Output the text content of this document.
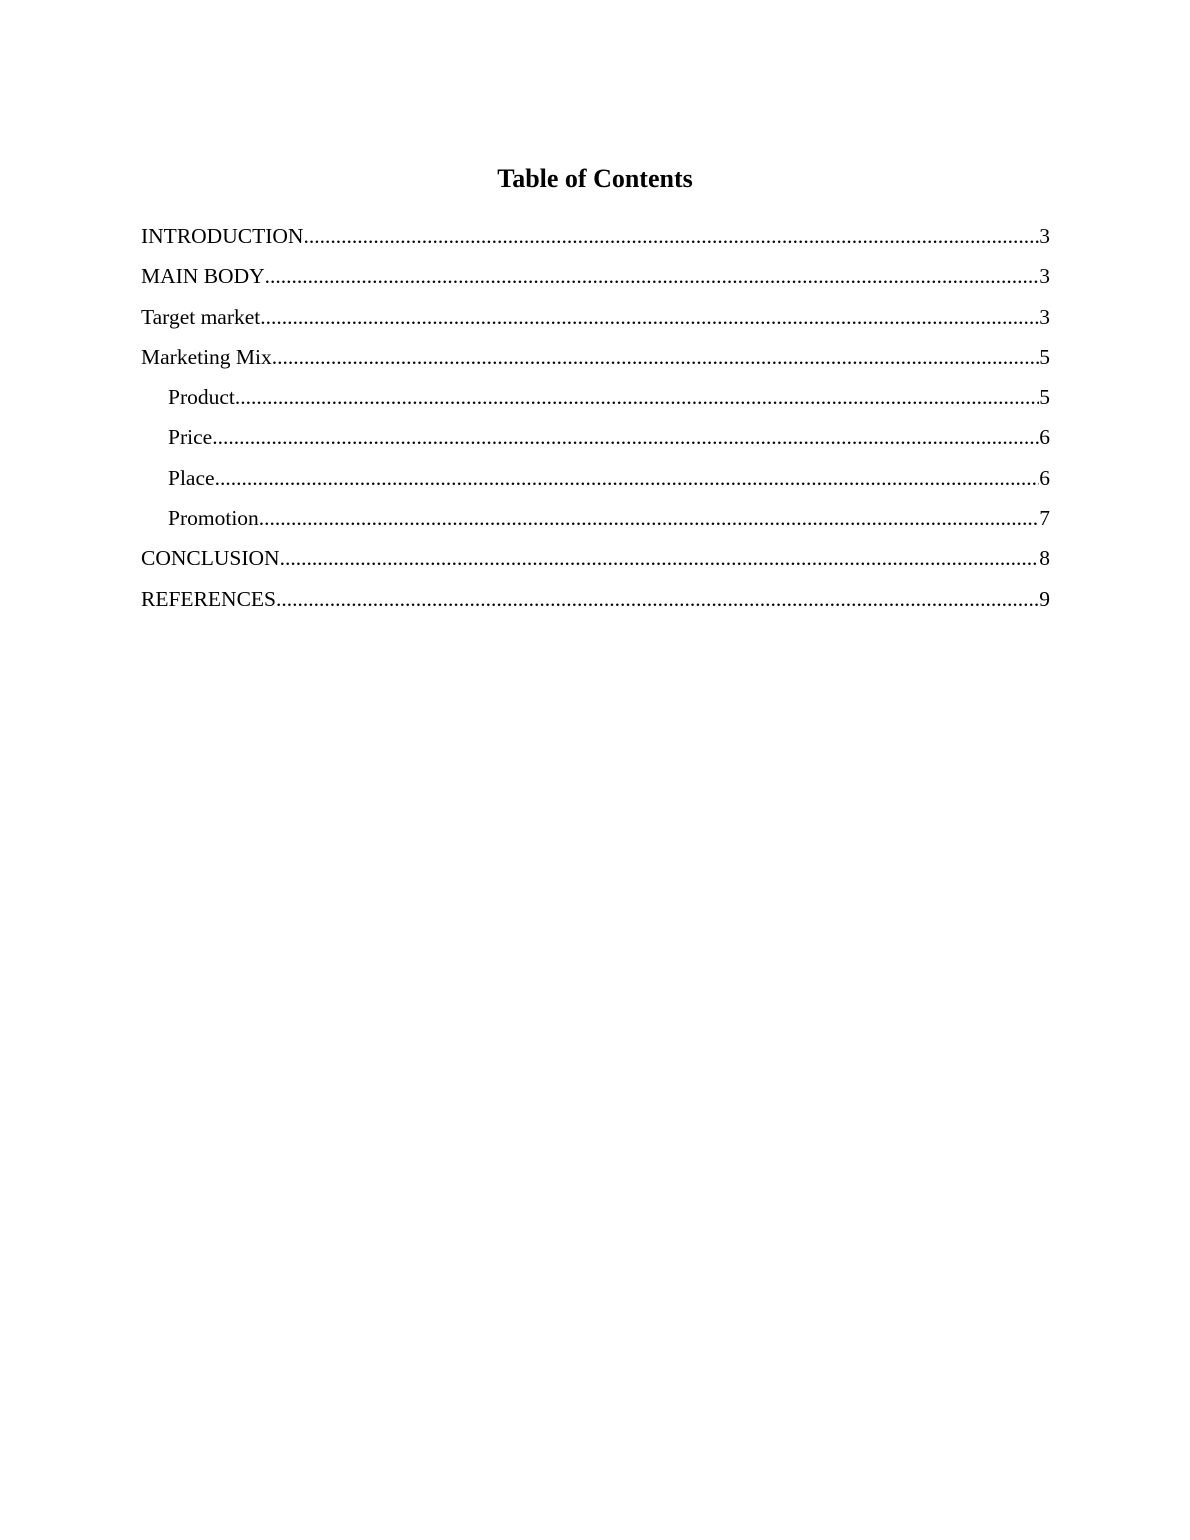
Table of Contents
INTRODUCTION .....	3
MAIN BODY .....	3
Target market .....	3
Marketing Mix .....	5
Product .....	5
Price .....	6
Place .....	6
Promotion .....	7
CONCLUSION .....	8
REFERENCES .....	9
